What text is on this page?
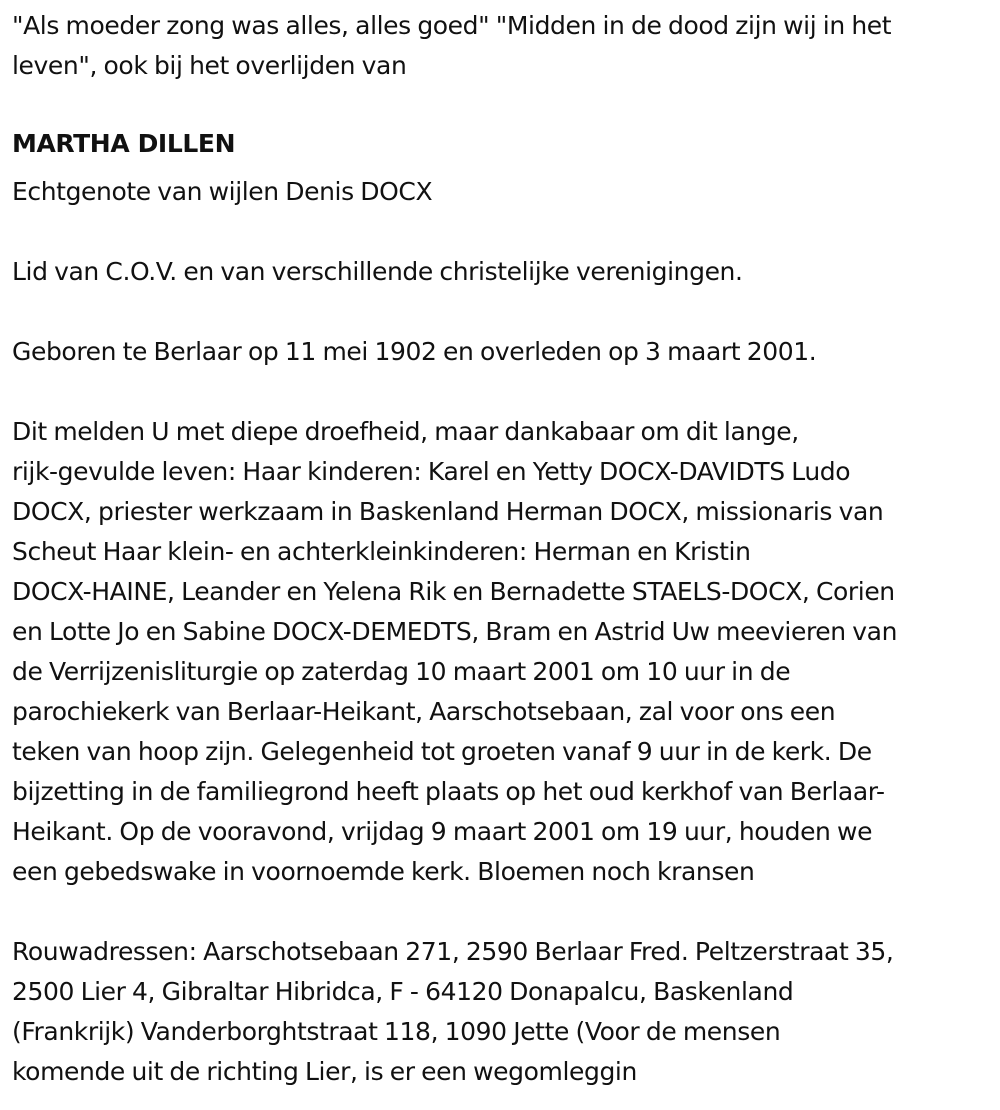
"Als moeder zong was alles, alles goed" "Midden in de dood zijn wij in het
leven", ook bij het overlijden van

MARTHA DILLEN

Echtgenote van wijlen Denis DOCX

Lid van C.O.V. en van verschillende christelijke verenigingen.

Geboren te Berlaar op 11 mei 1902 en overleden op 3 maart 2001.

Dit melden U met diepe droefheid, maar dankabaar om dit lange,
rijk-gevulde leven: Haar kinderen: Karel en Yetty DOCX-DAVIDTS Ludo
DOCX, priester werkzaam in Baskenland Herman DOCX, missionaris van
Scheut Haar klein- en achterkleinkinderen: Herman en Kristin
DOCX-HAINE, Leander en Yelena Rik en Bernadette STAELS-DOCX, Corien
en Lotte Jo en Sabine DOCX-DEMEDTS, Bram en Astrid Uw meevieren van
de Verrijzenisliturgie op zaterdag 10 maart 2001 om 10 uur in de
parochiekerk van Berlaar-Heikant, Aarschotsebaan, zal voor ons een
teken van hoop zijn. Gelegenheid tot groeten vanaf 9 uur in de kerk. De
bijzetting in de familiegrond heeft plaats op het oud kerkhof van Berlaar-
Heikant. Op de vooravond, vrijdag 9 maart 2001 om 19 uur, houden we
een gebedswake in voornoemde kerk. Bloemen noch kransen

Rouwadressen: Aarschotsebaan 271, 2590 Berlaar Fred. Peltzerstraat 35,
2500 Lier 4, Gibraltar Hibridca, F - 64120 Donapalcu, Baskenland
(Frankrijk) Vanderborghtstraat 118, 1090 Jette (Voor de mensen
komende uit de richting Lier, is er een wegomleggin
